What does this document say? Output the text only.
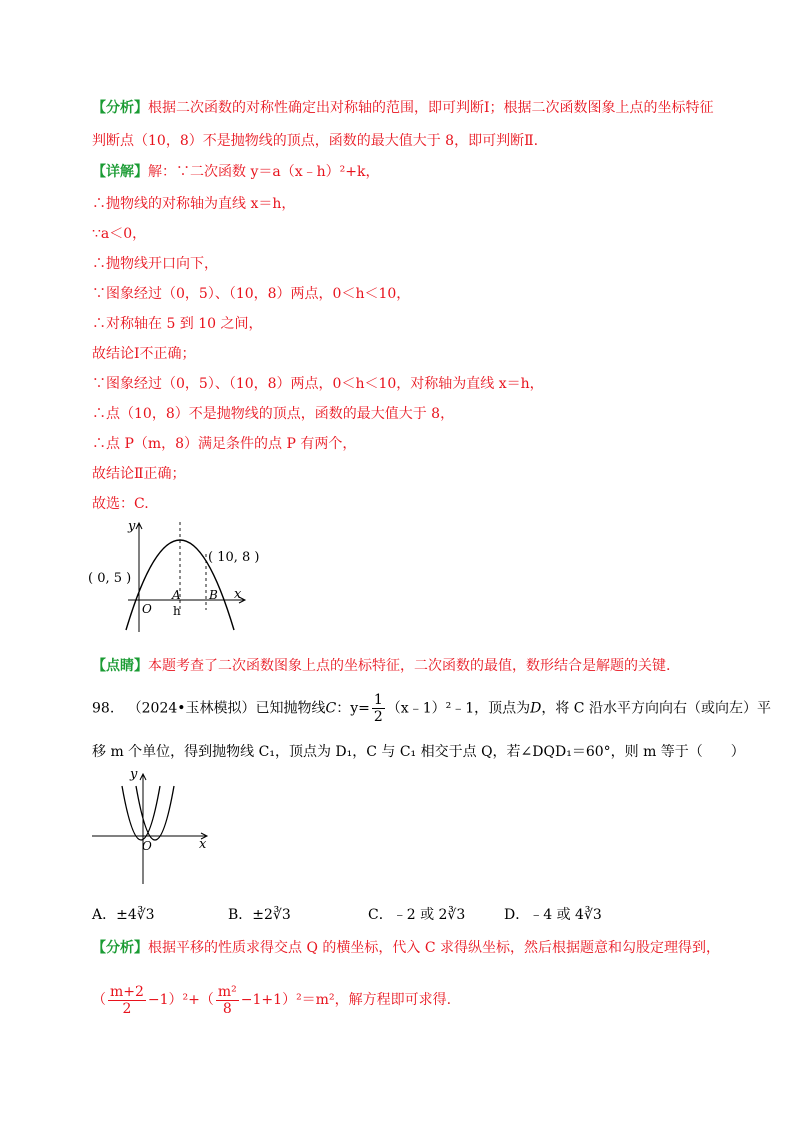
【分析】根据二次函数的对称性确定出对称轴的范围，即可判断Ⅰ；根据二次函数图象上点的坐标特征
判断点（10，8）不是抛物线的顶点，函数的最大值大于 8，即可判断Ⅱ.
【详解】解：∵二次函数 y＝a（x﹣h）²+k，
∴抛物线的对称轴为直线 x＝h，
∵a＜0，
∴抛物线开口向下，
∵图象经过（0，5）、（10，8）两点，0＜h＜10，
∴对称轴在 5 到 10 之间，
故结论Ⅰ不正确；
∵图象经过（0，5）、（10，8）两点，0＜h＜10，对称轴为直线 x＝h，
∴点（10，8）不是抛物线的顶点，函数的最大值大于 8，
∴点 P（m，8）满足条件的点 P 有两个，
故结论Ⅱ正确；
故选：C.
y
x
O
A B
h
( 10, 8 )
( 0, 5 )
【点睛】本题考查了二次函数图象上点的坐标特征，二次函数的最值，数形结合是解题的关键.
98. （2024•玉林模拟）已知抛物线C：$y= \frac{1}{2}$ （x﹣1）²﹣1，顶点为D，将 C 沿水平方向向右（或向左）平
移 m 个单位，得到抛物线 C₁，顶点为 D₁，C 与 C₁ 相交于点 Q，若∠DQD₁＝60°，则 m 等于（　　）
y
x
O
A．±4∛3	B．±2∛3	C．﹣2 或 2∛3	D．﹣4 或 4∛3
【分析】根据平移的性质求得交点 Q 的横坐标，代入 C 求得纵坐标，然后根据题意和勾股定理得到，
（ $\frac{m+2}{2} -1)^2+( \frac{\text{m²}}{8} -1+1)^2=m^2$，解方程即可求得.
